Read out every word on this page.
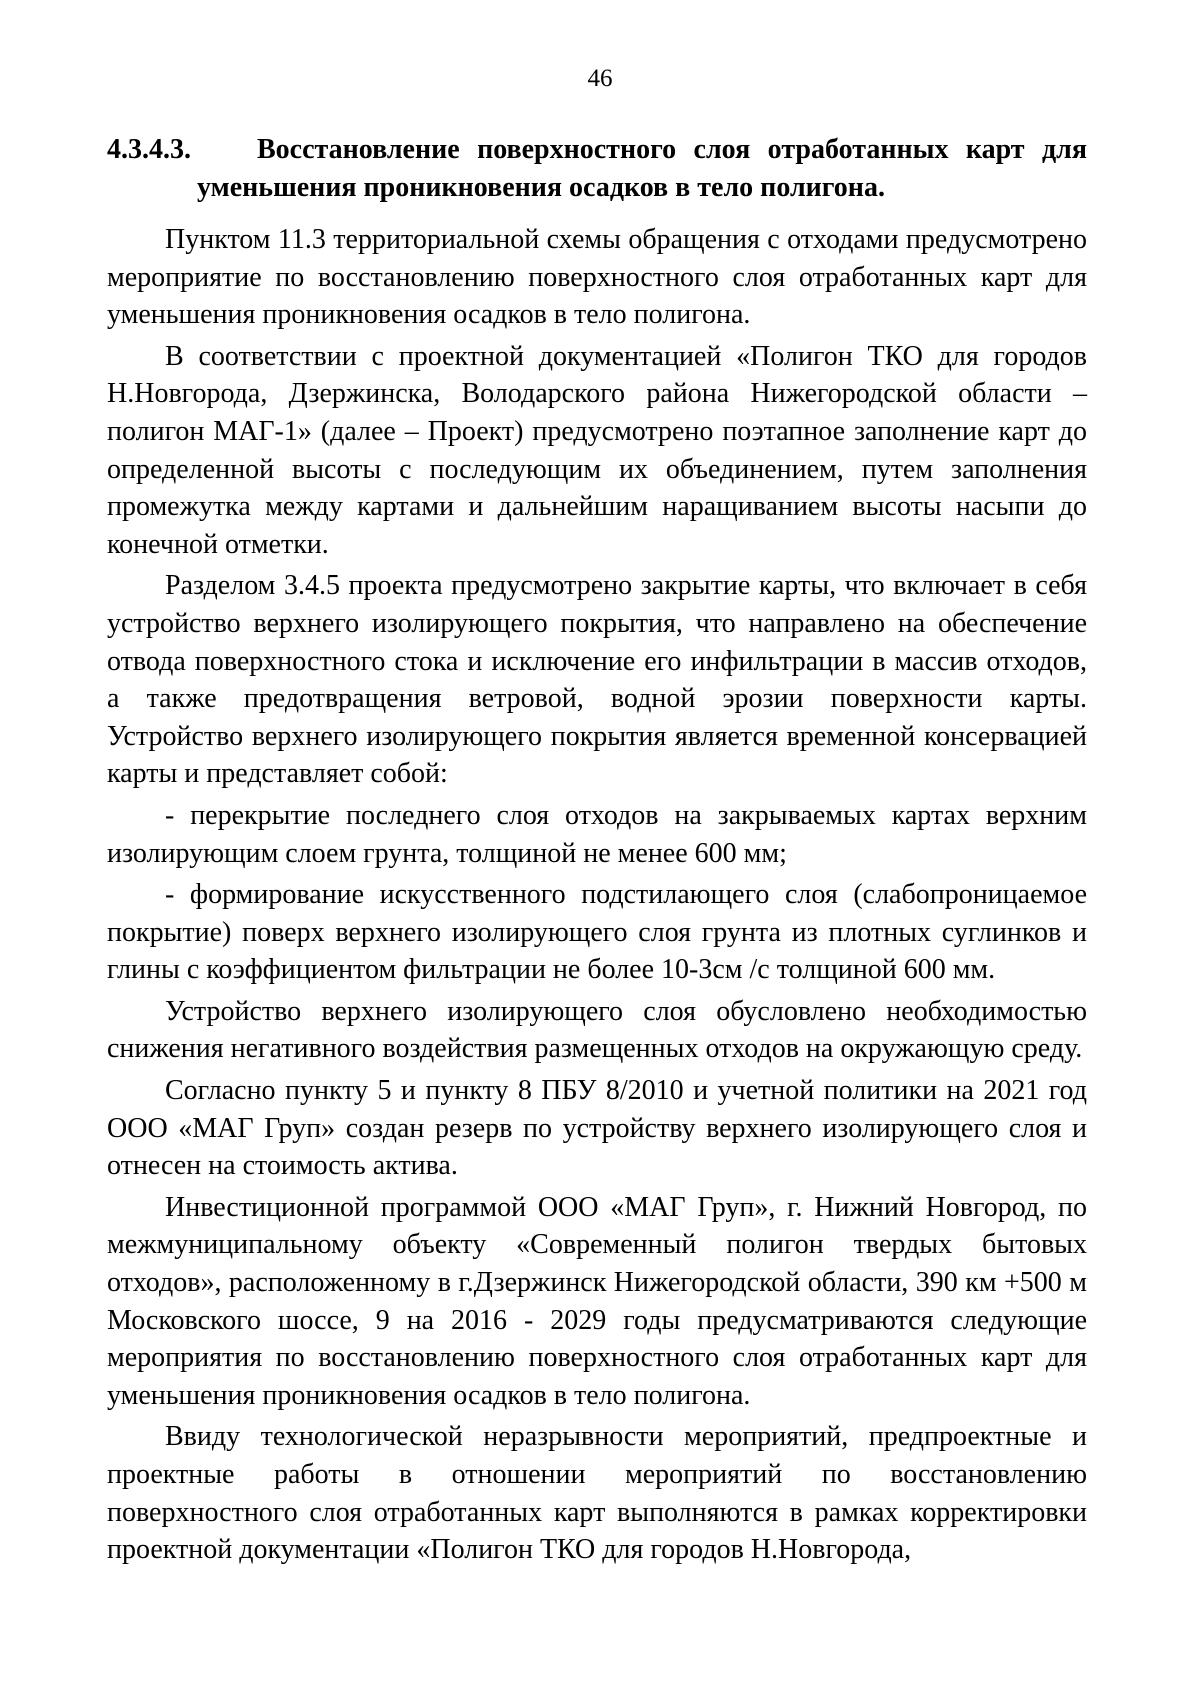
46
4.3.4.3.	Восстановление поверхностного слоя отработанных карт для уменьшения проникновения осадков в тело полигона.

Пунктом 11.3 территориальной схемы обращения с отходами предусмотрено мероприятие по восстановлению поверхностного слоя отработанных карт для уменьшения проникновения осадков в тело полигона.

В соответствии с проектной документацией «Полигон ТКО для городов Н.Новгорода, Дзержинска, Володарского района Нижегородской области – полигон МАГ-1» (далее – Проект) предусмотрено поэтапное заполнение карт до определенной высоты с последующим их объединением, путем заполнения промежутка между картами и дальнейшим наращиванием высоты насыпи до конечной отметки.

Разделом 3.4.5 проекта предусмотрено закрытие карты, что включает в себя устройство верхнего изолирующего покрытия, что направлено на обеспечение отвода поверхностного стока и исключение его инфильтрации в массив отходов, а также предотвращения ветровой, водной эрозии поверхности карты. Устройство верхнего изолирующего покрытия является временной консервацией карты и представляет собой:

- перекрытие последнего слоя отходов на закрываемых картах верхним изолирующим слоем грунта, толщиной не менее 600 мм;

- формирование искусственного подстилающего слоя (слабопроницаемое покрытие) поверх верхнего изолирующего слоя грунта из плотных суглинков и глины с коэффициентом фильтрации не более 10-3см /с толщиной 600 мм.

Устройство верхнего изолирующего слоя обусловлено необходимостью снижения негативного воздействия размещенных отходов на окружающую среду.

Согласно пункту 5 и пункту 8 ПБУ 8/2010 и учетной политики на 2021 год ООО «МАГ Груп» создан резерв по устройству верхнего изолирующего слоя и отнесен на стоимость актива.

Инвестиционной программой ООО «МАГ Груп», г. Нижний Новгород, по межмуниципальному объекту «Современный полигон твердых бытовых отходов», расположенному в г.Дзержинск Нижегородской области, 390 км +500 м Московского шоссе, 9 на 2016 - 2029 годы предусматриваются следующие мероприятия по восстановлению поверхностного слоя отработанных карт для уменьшения проникновения осадков в тело полигона.

Ввиду технологической неразрывности мероприятий, предпроектные и проектные работы в отношении мероприятий по восстановлению поверхностного слоя отработанных карт выполняются в рамках корректировки проектной документации «Полигон ТКО для городов Н.Новгорода,
